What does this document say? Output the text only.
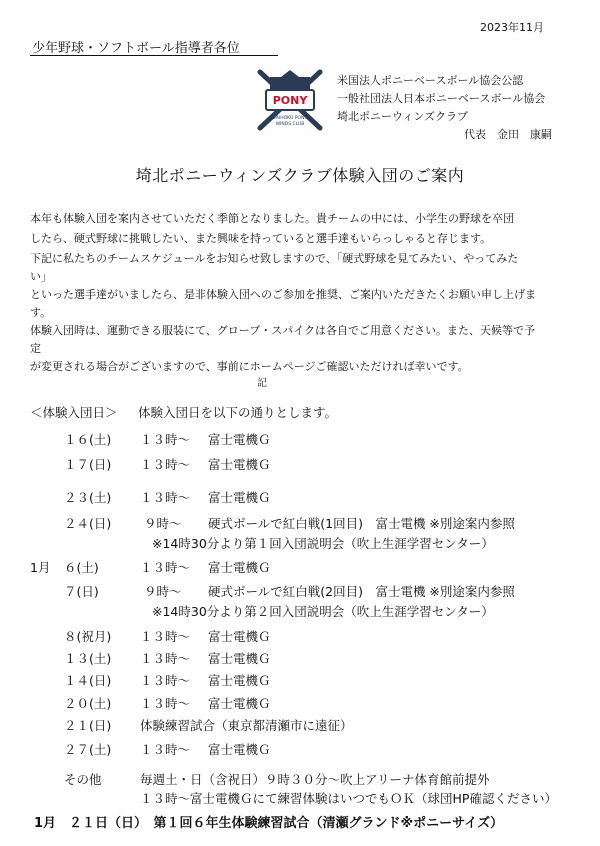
2023年11月
少年野球・ソフトボール指導者各位
PONY
SAIHOKU PONY
WINDS CLUB
米国法人ポニーベースボール協会公認
一般社団法人日本ポニーベースボール協会
埼北ポニーウィンズクラブ
代表　金田　康嗣
埼北ポニーウィンズクラブ体験入団のご案内
本年も体験入団を案内させていただく季節となりました。貴チームの中には、小学生の野球を卒団
したら、硬式野球に挑戦したい、また興味を持っていると選手達もいらっしゃると存じます。
下記に私たちのチームスケジュールをお知らせ致しますので、「硬式野球を見てみたい、やってみた
い」
といった選手達がいましたら、是非体験入団へのご参加を推奨、ご案内いただきたくお願い申し上げま
す。
体験入団時は、運動できる服装にて、グローブ・スパイクは各自でご用意ください。また、天候等で予
定
が変更される場合がございますので、事前にホームページご確認いただければ幸いです。
記
＜体験入団日＞ 体験入団日を以下の通りとします。
１６(土) １３時～ 富士電機Ｇ
１７(日) １３時～ 富士電機Ｇ
２３(土) １３時～ 富士電機Ｇ
２４(日)	９時～ 硬式ボールで紅白戦(1回目)　富士電機 ※別途案内参照
※14時30分より第１回入団説明会（吹上生涯学習センター）
1月 ６(土)	１３時～ 富士電機Ｇ
７(日)	９時～ 硬式ボールで紅白戦(2回目)　富士電機 ※別途案内参照
※14時30分より第２回入団説明会（吹上生涯学習センター）
８(祝月) １３時～ 富士電機Ｇ
１３(土) １３時～ 富士電機Ｇ
１４(日) １３時～ 富士電機Ｇ
２０(土) １３時～ 富士電機Ｇ
２１(日) 体験練習試合（東京都清瀬市に遠征）
２７(土) １３時～ 富士電機Ｇ
その他	毎週土・日（含祝日）９時３０分～吹上アリーナ体育館前提外
１３時～富士電機Ｇにて練習体験はいつでもＯＫ（球団HP確認ください）
1月　２１日（日）　第１回６年生体験練習試合（清瀬グランド※ポニーサイズ）
